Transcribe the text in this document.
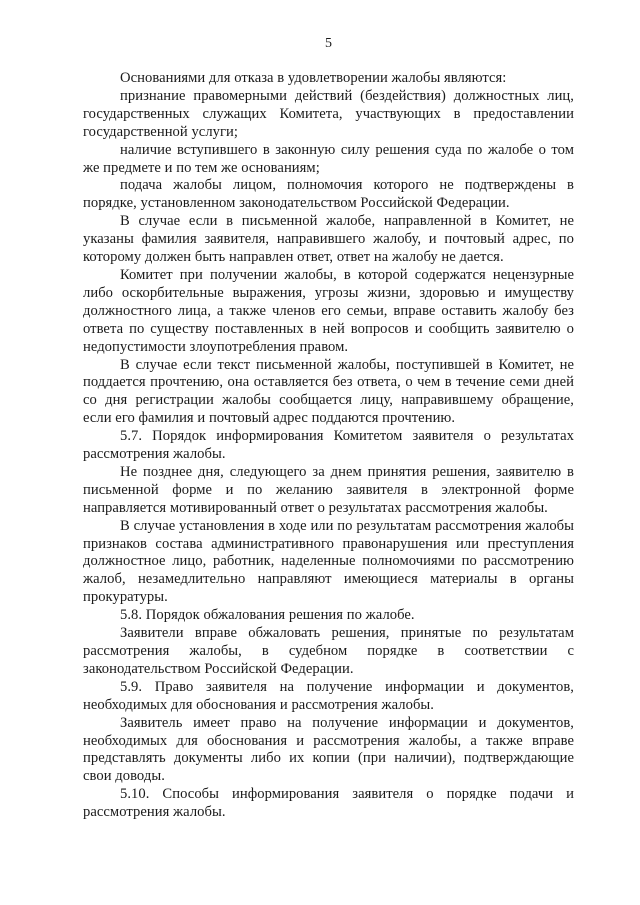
5

Основаниями для отказа в удовлетворении жалобы являются:

признание правомерными действий (бездействия) должностных лиц, государственных служащих Комитета, участвующих в предоставлении государственной услуги;

наличие вступившего в законную силу решения суда по жалобе о том же предмете и по тем же основаниям;

подача жалобы лицом, полномочия которого не подтверждены в порядке, установленном законодательством Российской Федерации.

В случае если в письменной жалобе, направленной в Комитет, не указаны фамилия заявителя, направившего жалобу, и почтовый адрес, по которому должен быть направлен ответ, ответ на жалобу не дается.

Комитет при получении жалобы, в которой содержатся нецензурные либо оскорбительные выражения, угрозы жизни, здоровью и имуществу должностного лица, а также членов его семьи, вправе оставить жалобу без ответа по существу поставленных в ней вопросов и сообщить заявителю о недопустимости злоупотребления правом.

В случае если текст письменной жалобы, поступившей в Комитет, не поддается прочтению, она оставляется без ответа, о чем в течение семи дней со дня регистрации жалобы сообщается лицу, направившему обращение, если его фамилия и почтовый адрес поддаются прочтению.

5.7. Порядок информирования Комитетом заявителя о результатах рассмотрения жалобы.

Не позднее дня, следующего за днем принятия решения, заявителю в письменной форме и по желанию заявителя в электронной форме направляется мотивированный ответ о результатах рассмотрения жалобы.

В случае установления в ходе или по результатам рассмотрения жалобы признаков состава административного правонарушения или преступления должностное лицо, работник, наделенные полномочиями по рассмотрению жалоб, незамедлительно направляют имеющиеся материалы в органы прокуратуры.

5.8. Порядок обжалования решения по жалобе.

Заявители вправе обжаловать решения, принятые по результатам рассмотрения жалобы, в судебном порядке в соответствии с законодательством Российской Федерации.

5.9. Право заявителя на получение информации и документов, необходимых для обоснования и рассмотрения жалобы.

Заявитель имеет право на получение информации и документов, необходимых для обоснования и рассмотрения жалобы, а также вправе представлять документы либо их копии (при наличии), подтверждающие свои доводы.

5.10. Способы информирования заявителя о порядке подачи и рассмотрения жалобы.
